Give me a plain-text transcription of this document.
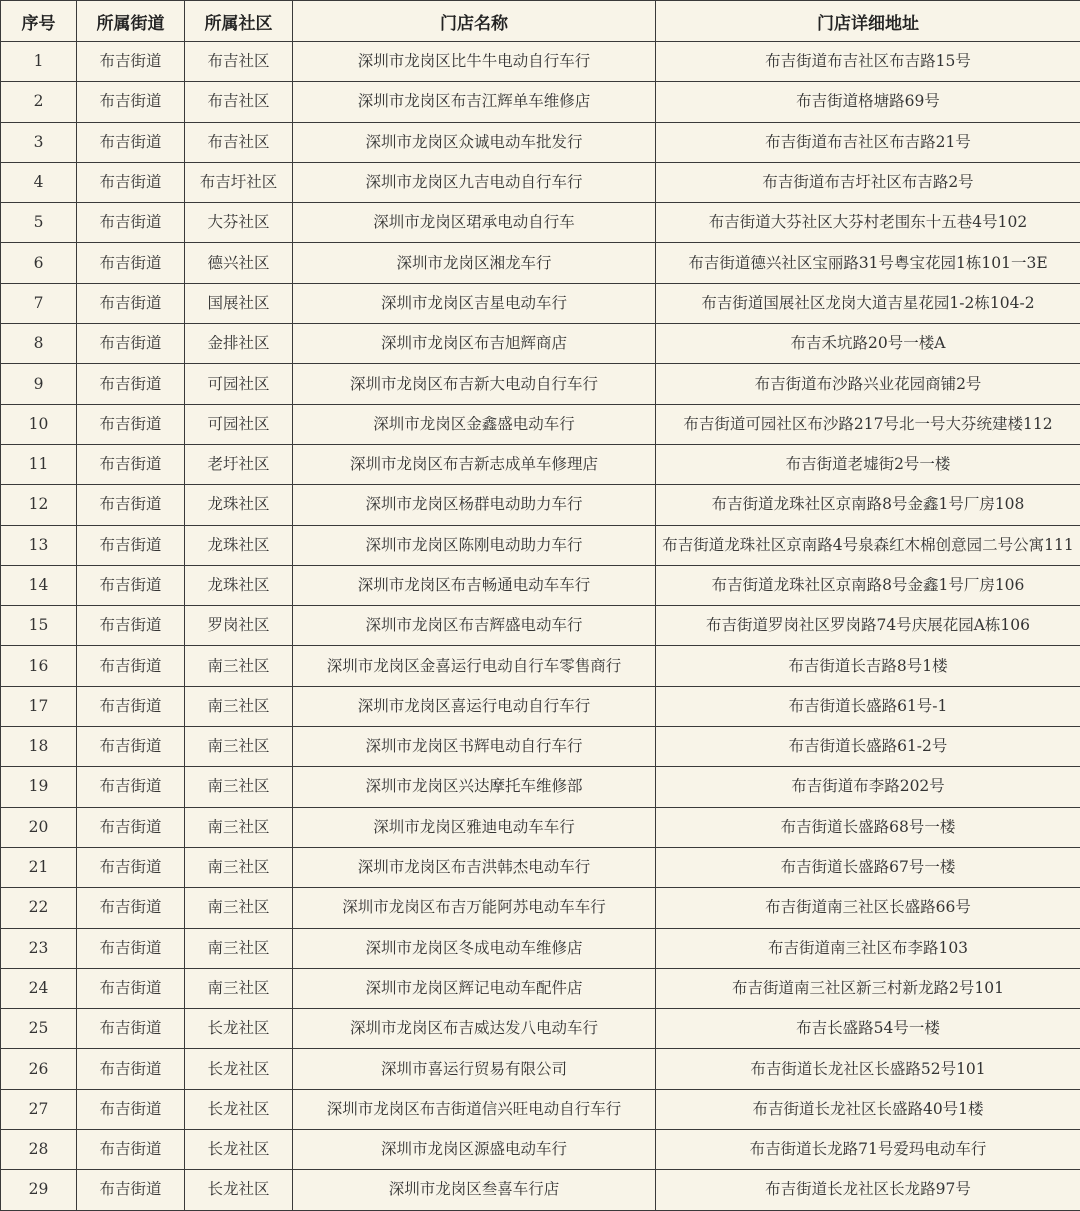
序号	所属街道	所属社区	门店名称	门店详细地址
1	布吉街道	布吉社区	深圳市龙岗区比牛牛电动自行车行	布吉街道布吉社区布吉路15号
2	布吉街道	布吉社区	深圳市龙岗区布吉江辉单车维修店	布吉街道格塘路69号
3	布吉街道	布吉社区	深圳市龙岗区众诚电动车批发行	布吉街道布吉社区布吉路21号
4	布吉街道	布吉圩社区	深圳市龙岗区九吉电动自行车行	布吉街道布吉圩社区布吉路2号
5	布吉街道	大芬社区	深圳市龙岗区珺承电动自行车	布吉街道大芬社区大芬村老围东十五巷4号102
6	布吉街道	德兴社区	深圳市龙岗区湘龙车行	布吉街道德兴社区宝丽路31号粤宝花园1栋101一3E
7	布吉街道	国展社区	深圳市龙岗区吉星电动车行	布吉街道国展社区龙岗大道吉星花园1-2栋104-2
8	布吉街道	金排社区	深圳市龙岗区布吉旭辉商店	布吉禾坑路20号一楼A
9	布吉街道	可园社区	深圳市龙岗区布吉新大电动自行车行	布吉街道布沙路兴业花园商铺2号
10	布吉街道	可园社区	深圳市龙岗区金鑫盛电动车行	布吉街道可园社区布沙路217号北一号大芬统建楼112
11	布吉街道	老圩社区	深圳市龙岗区布吉新志成单车修理店	布吉街道老墟街2号一楼
12	布吉街道	龙珠社区	深圳市龙岗区杨群电动助力车行	布吉街道龙珠社区京南路8号金鑫1号厂房108
13	布吉街道	龙珠社区	深圳市龙岗区陈刚电动助力车行	布吉街道龙珠社区京南路4号泉森红木棉创意园二号公寓111
14	布吉街道	龙珠社区	深圳市龙岗区布吉畅通电动车车行	布吉街道龙珠社区京南路8号金鑫1号厂房106
15	布吉街道	罗岗社区	深圳市龙岗区布吉辉盛电动车行	布吉街道罗岗社区罗岗路74号庆展花园A栋106
16	布吉街道	南三社区	深圳市龙岗区金喜运行电动自行车零售商行	布吉街道长吉路8号1楼
17	布吉街道	南三社区	深圳市龙岗区喜运行电动自行车行	布吉街道长盛路61号-1
18	布吉街道	南三社区	深圳市龙岗区书辉电动自行车行	布吉街道长盛路61-2号
19	布吉街道	南三社区	深圳市龙岗区兴达摩托车维修部	布吉街道布李路202号
20	布吉街道	南三社区	深圳市龙岗区雅迪电动车车行	布吉街道长盛路68号一楼
21	布吉街道	南三社区	深圳市龙岗区布吉洪韩杰电动车行	布吉街道长盛路67号一楼
22	布吉街道	南三社区	深圳市龙岗区布吉万能阿苏电动车车行	布吉街道南三社区长盛路66号
23	布吉街道	南三社区	深圳市龙岗区冬成电动车维修店	布吉街道南三社区布李路103
24	布吉街道	南三社区	深圳市龙岗区辉记电动车配件店	布吉街道南三社区新三村新龙路2号101
25	布吉街道	长龙社区	深圳市龙岗区布吉威达发八电动车行	布吉长盛路54号一楼
26	布吉街道	长龙社区	深圳市喜运行贸易有限公司	布吉街道长龙社区长盛路52号101
27	布吉街道	长龙社区	深圳市龙岗区布吉街道信兴旺电动自行车行	布吉街道长龙社区长盛路40号1楼
28	布吉街道	长龙社区	深圳市龙岗区源盛电动车行	布吉街道长龙路71号爱玛电动车行
29	布吉街道	长龙社区	深圳市龙岗区叁喜车行店	布吉街道长龙社区长龙路97号
